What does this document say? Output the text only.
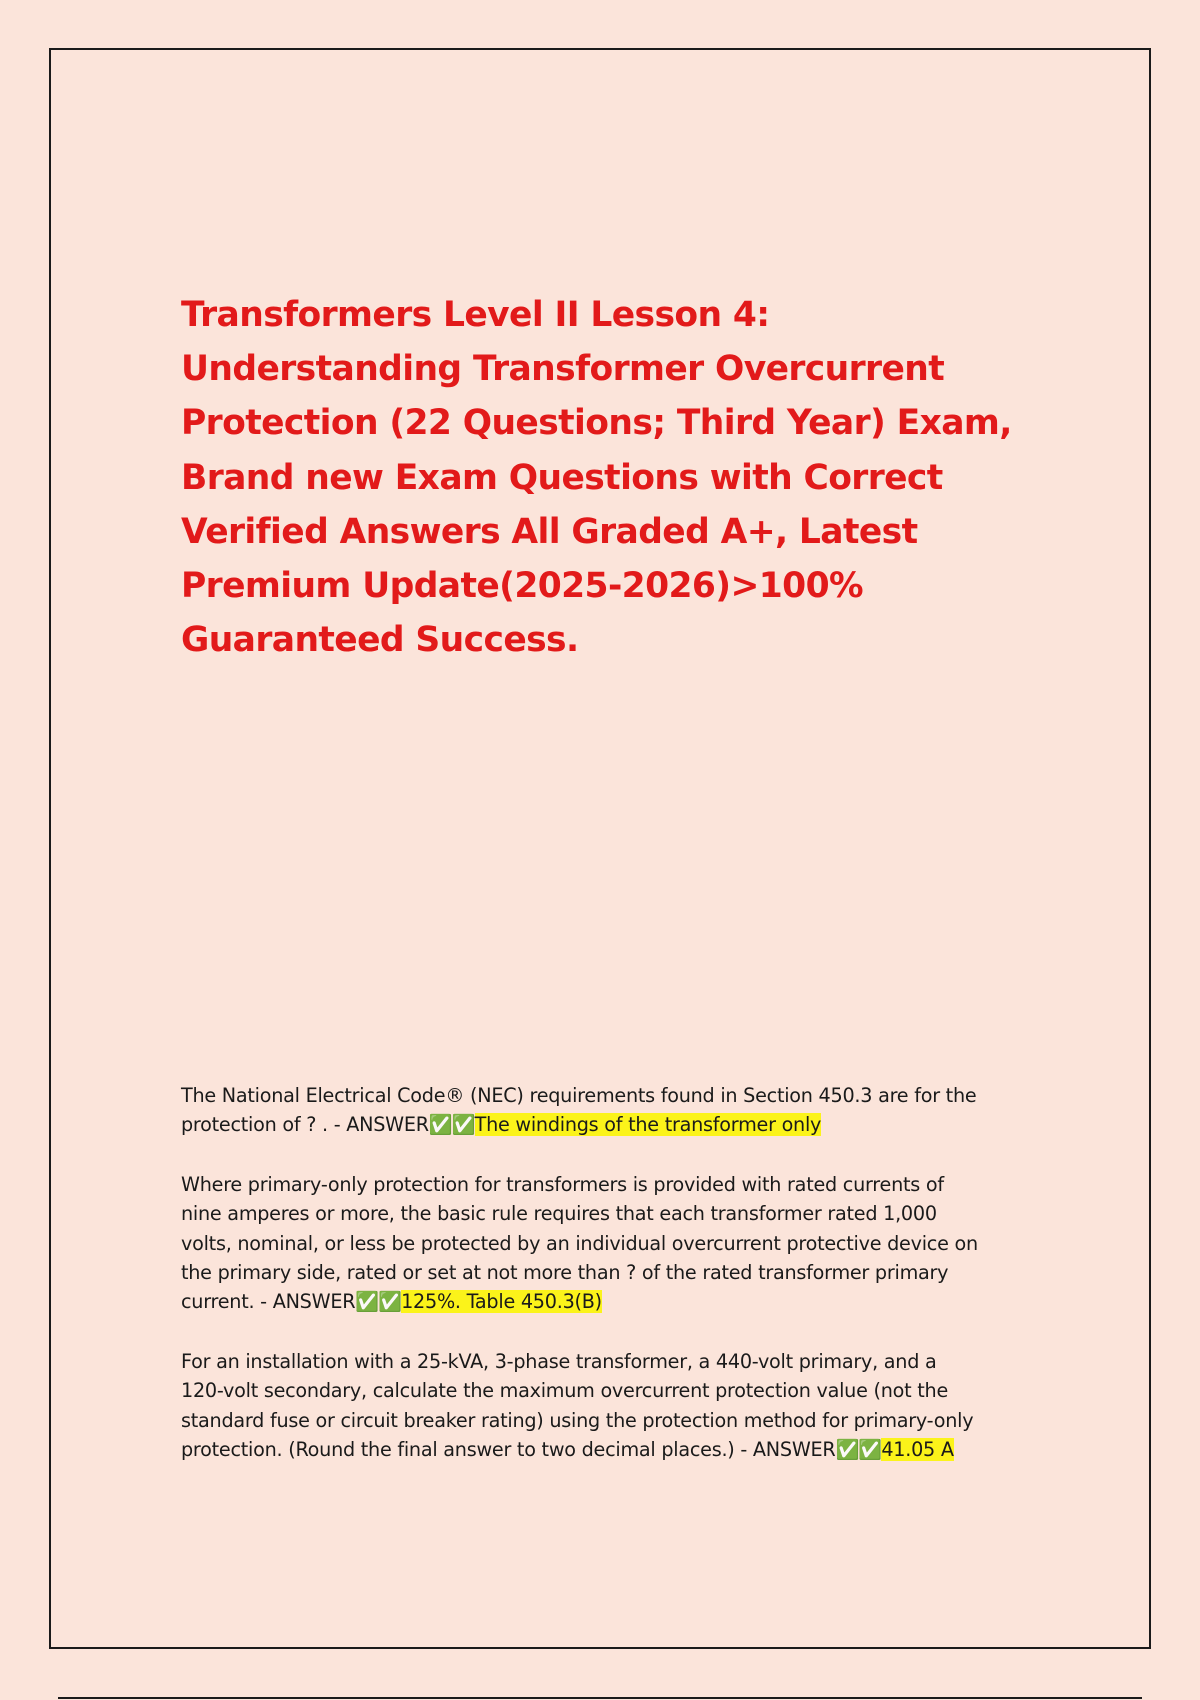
Transformers Level II Lesson 4:
Understanding Transformer Overcurrent
Protection (22 Questions; Third Year) Exam,
Brand new Exam Questions with Correct
Verified Answers All Graded A+, Latest
Premium Update(2025-2026)>100%
Guaranteed Success.

The National Electrical Code® (NEC) requirements found in Section 450.3 are for the
protection of ? . - ANSWER✅✅The windings of the transformer only

Where primary-only protection for transformers is provided with rated currents of
nine amperes or more, the basic rule requires that each transformer rated 1,000
volts, nominal, or less be protected by an individual overcurrent protective device on
the primary side, rated or set at not more than ? of the rated transformer primary
current. - ANSWER✅✅125%. Table 450.3(B)

For an installation with a 25-kVA, 3-phase transformer, a 440-volt primary, and a
120-volt secondary, calculate the maximum overcurrent protection value (not the
standard fuse or circuit breaker rating) using the protection method for primary-only
protection. (Round the final answer to two decimal places.) - ANSWER✅✅41.05 A
